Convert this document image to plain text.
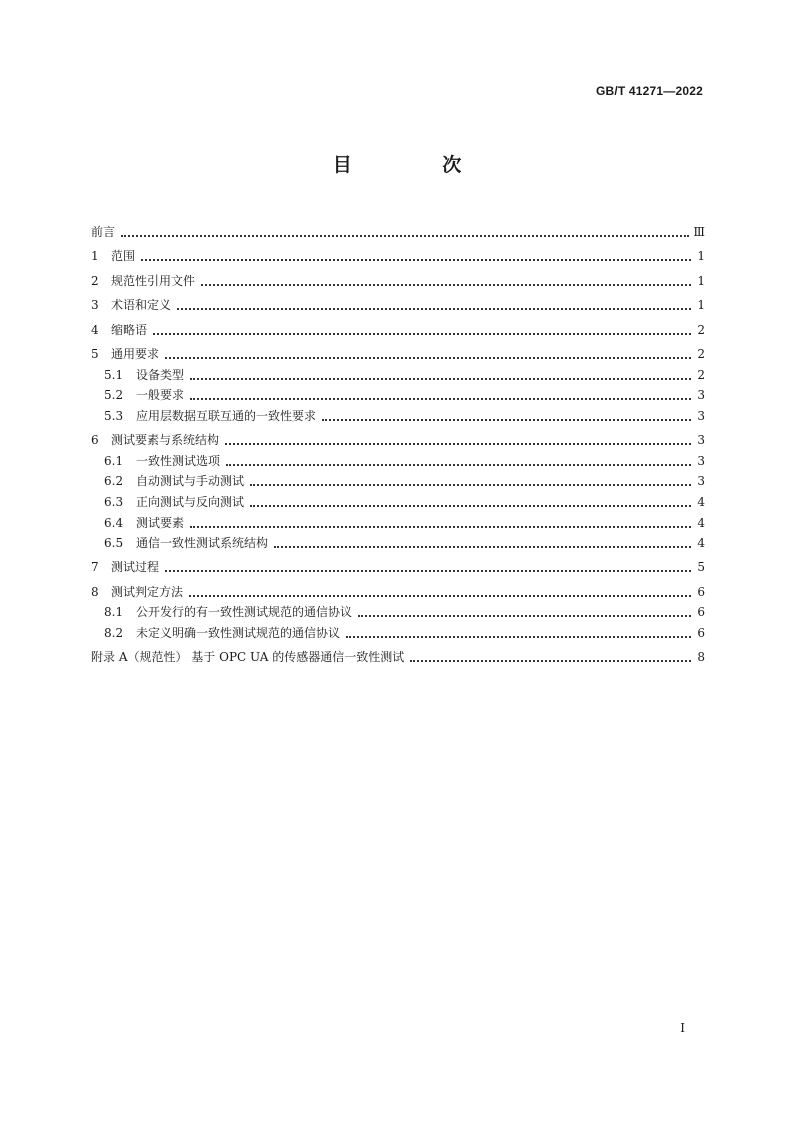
GB/T 41271—2022
目 次
前言	Ⅲ
1	范围	1
2	规范性引用文件	1
3	术语和定义	1
4	缩略语	2
5	通用要求	2
5.1	设备类型	2
5.2	一般要求	3
5.3	应用层数据互联互通的一致性要求	3
6	测试要素与系统结构	3
6.1	一致性测试选项	3
6.2	自动测试与手动测试	3
6.3	正向测试与反向测试	4
6.4	测试要素	4
6.5	通信一致性测试系统结构	4
7	测试过程	5
8	测试判定方法	6
8.1	公开发行的有一致性测试规范的通信协议	6
8.2	未定义明确一致性测试规范的通信协议	6
附录 A（规范性） 基于 OPC UA 的传感器通信一致性测试	8
I
